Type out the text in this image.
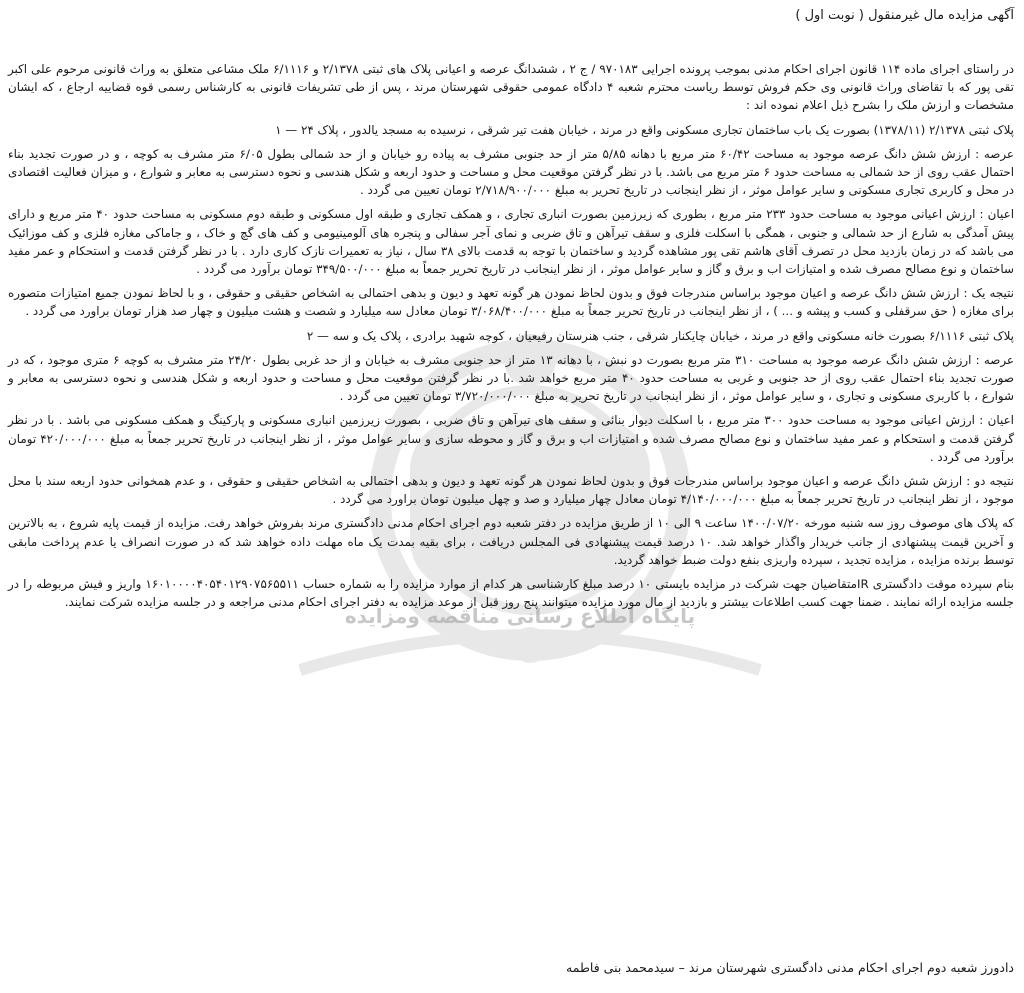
پایگاه اطلاع رسانی مناقصه ومزایده
آگهی مزایده مال غیرمنقول ( نوبت اول )

در راستای اجرای ماده ۱۱۴ قانون اجرای احکام مدنی بموجب پرونده اجرایی ۹۷۰۱۸۳ / ج ۲ ، ششدانگ عرصه و اعیانی پلاک های ثبتی ۲/۱۳۷۸ و ۶/۱۱۱۶ ملک مشاعی متعلق به وراث قانونی مرحوم علی اکبر تقی پور که با تقاضای وراث قانونی وی حکم فروش توسط ریاست محترم شعبه ۴ دادگاه عمومی حقوقی شهرستان مرند ، پس از طی تشریفات قانونی به کارشناس رسمی قوه قضاییه ارجاع ، که ایشان مشخصات و ارزش ملک را بشرح ذیل اعلام نموده اند :

پلاک ثبتی ۲/۱۳۷۸ (۱۳۷۸/۱۱) بصورت یک باب ساختمان تجاری مسکونی واقع در مرند ، خیابان هفت تیر شرقی ، نرسیده به مسجد یالدور ، پلاک ۲۴ — ۱

عرصه : ارزش شش دانگ عرصه موجود به مساحت ۶۰/۴۲ متر مربع با دهانه ۵/۸۵ متر از حد جنوبی مشرف به پیاده رو خیابان و از حد شمالی بطول ۶/۰۵ متر مشرف به کوچه ، و در صورت تجدید بناء احتمال عقب روی از حد شمالی به مساحت حدود ۶ متر مربع می باشد. با در نظر گرفتن موقعیت محل و مساحت و حدود اربعه و شکل هندسی و نحوه دسترسی به معابر و شوارع ، و میزان فعالیت اقتصادی در محل و کاربری تجاری مسکونی و سایر عوامل موثر ، از نظر اینجانب در تاریخ تحریر به مبلغ ۲/۷۱۸/۹۰۰/۰۰۰ تومان تعیین می گردد .

اعیان : ارزش اعیانی موجود به مساحت حدود ۲۳۳ متر مربع ، بطوری که زیرزمین بصورت انباری تجاری ، و همکف تجاری و طبقه اول مسکونی و طبقه دوم مسکونی به مساحت حدود ۴۰ متر مربع و دارای پیش آمدگی به شارع از حد شمالی و جنوبی ، همگی با اسکلت فلزی و سقف تیرآهن و تاق ضربی و نمای آجر سفالی و پنجره های آلومینیومی و کف های گچ و خاک ، و جاماکی مغازه فلزی و کف موزائیک می باشد که در زمان بازدید محل در تصرف آقای هاشم تقی پور مشاهده گردید و ساختمان با توجه به قدمت بالای ۳۸ سال ، نیاز به تعمیرات نازک کاری دارد . با در نظر گرفتن قدمت و استحکام و عمر مفید ساختمان و نوع مصالح مصرف شده و امتیازات اب و برق و گاز و سایر عوامل موثر ، از نظر اینجانب در تاریخ تحریر جمعاً به مبلغ ۳۴۹/۵۰۰/۰۰۰ تومان برآورد می گردد .

نتیجه یک : ارزش شش دانگ عرصه و اعیان موجود براساس مندرجات فوق و بدون لحاظ نمودن هر گونه تعهد و دیون و بدهی احتمالی به اشخاص حقیقی و حقوقی ، و با لحاظ نمودن جمیع امتیازات متصوره برای مغازه ( حق سرقفلی و کسب و پیشه و ... ) ، از نظر اینجانب در تاریخ تحریر جمعاً به مبلغ ۳/۰۶۸/۴۰۰/۰۰۰ تومان معادل سه میلیارد و شصت و هشت میلیون و چهار صد هزار تومان براورد می گردد .

پلاک ثبتی ۶/۱۱۱۶ بصورت خانه مسکونی واقع در مرند ، خیابان چایکنار شرقی ، جنب هنرستان رفیعیان ، کوچه شهید برادری ، پلاک یک و سه — ۲

عرصه : ارزش شش دانگ عرصه موجود به مساحت ۳۱۰ متر مربع بصورت دو نبش ، با دهانه ۱۳ متر از حد جنوبی مشرف به خیابان و از حد غربی بطول ۲۴/۲۰ متر مشرف به کوچه ۶ متری موجود ، که در صورت تجدید بناء احتمال عقب روی از حد جنوبی و غربی به مساحت حدود ۴۰ متر مربع خواهد شد .با در نظر گرفتن موقعیت محل و مساحت و حدود اربعه و شکل هندسی و نحوه دسترسی به معابر و شوارع ، با کاربری مسکونی و تجاری ، و سایر عوامل موثر ، از نظر اینجانب در تاریخ تحریر به مبلغ ۳/۷۲۰/۰۰۰/۰۰۰ تومان تعیین می گردد .

اعیان : ارزش اعیانی موجود به مساحت حدود ۳۰۰ متر مربع ، با اسکلت دیوار بنائی و سقف های تیرآهن و تاق ضربی ، بصورت زیرزمین انباری مسکونی و پارکینگ و همکف مسکونی می باشد . با در نظر گرفتن قدمت و استحکام و عمر مفید ساختمان و نوع مصالح مصرف شده و امتیازات اب و برق و گاز و محوطه سازی و سایر عوامل موثر ، از نظر اینجانب در تاریخ تحریر جمعاً به مبلغ ۴۲۰/۰۰۰/۰۰۰ تومان برآورد می گردد .

نتیجه دو : ارزش شش دانگ عرصه و اعیان موجود براساس مندرجات فوق و بدون لحاظ نمودن هر گونه تعهد و دیون و بدهی احتمالی به اشخاص حقیقی و حقوقی ، و عدم همخوانی حدود اربعه سند با محل موجود ، از نظر اینجانب در تاریخ تحریر جمعاً به مبلغ ۴/۱۴۰/۰۰۰/۰۰۰ تومان معادل چهار میلیارد و صد و چهل میلیون تومان براورد می گردد .

که پلاک های موصوف روز سه شنبه مورخه ۱۴۰۰/۰۷/۲۰ ساعت ۹ الی ۱۰ از طریق مزایده در دفتر شعبه دوم اجرای احکام مدنی دادگستری مرند بفروش خواهد رفت. مزایده از قیمت پایه شروع ، به بالاترین و آخرین قیمت پیشنهادی از جانب خریدار واگذار خواهد شد. ۱۰ درصد قیمت پیشنهادی فی المجلس دریافت ، برای بقیه بمدت یک ماه مهلت داده خواهد شد که در صورت انصراف یا عدم پرداخت مابقی توسط برنده مزایده ، مزایده تجدید ، سپرده واریزی بنفع دولت ضبط خواهد گردید.

بنام سپرده موقت دادگستری IRمتقاضیان جهت شرکت در مزایده بایستی ۱۰ درصد مبلغ کارشناسی هر کدام از موارد مزایده را به شماره حساب ۱۶۰۱۰۰۰۰۴۰۵۴۰۱۲۹۰۷۵۶۵۵۱۱ واریز و فیش مربوطه را در جلسه مزایده ارائه نمایند . ضمنا جهت کسب اطلاعات بیشتر و بازدید از مال مورد مزایده میتوانند پنج روز قبل از موعد مزایده به دفتر اجرای احکام مدنی مراجعه و در جلسه مزایده شرکت نمایند.

دادورز شعبه دوم اجرای احکام مدنی دادگستری شهرستان مرند – سیدمحمد بنی فاطمه
